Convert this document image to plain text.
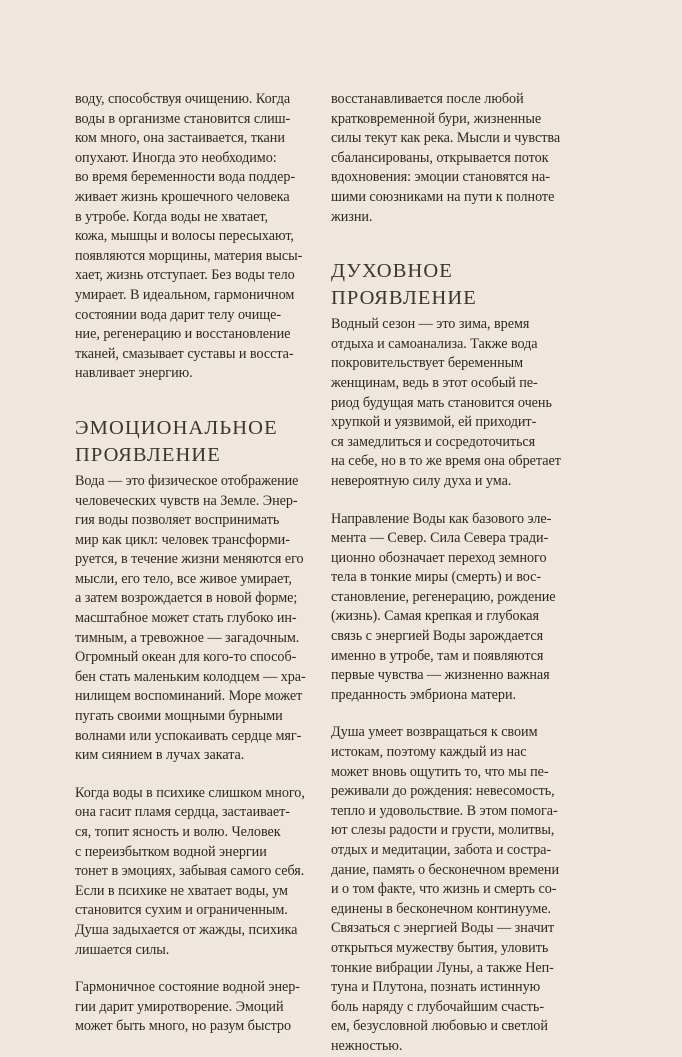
воду, способствуя очищению. Когда
воды в организме становится слиш-
ком много, она застаивается, ткани
опухают. Иногда это необходимо:
во время беременности вода поддер-
живает жизнь крошечного человека
в утробе. Когда воды не хватает,
кожа, мышцы и волосы пересыхают,
появляются морщины, материя высы-
хает, жизнь отступает. Без воды тело
умирает. В идеальном, гармоничном
состоянии вода дарит телу очище-
ние, регенерацию и восстановление
тканей, смазывает суставы и восста-
навливает энергию.
ЭМОЦИОНАЛЬНОЕ
ПРОЯВЛЕНИЕ
Вода — это физическое отображение
человеческих чувств на Земле. Энер-
гия воды позволяет воспринимать
мир как цикл: человек трансформи-
руется, в течение жизни меняются его
мысли, его тело, все живое умирает,
а затем возрождается в новой форме;
масштабное может стать глубоко ин-
тимным, а тревожное — загадочным.
Огромный океан для кого-то способ-
бен стать маленьким колодцем — хра-
нилищем воспоминаний. Море может
пугать своими мощными бурными
волнами или успокаивать сердце мяг-
ким сиянием в лучах заката.
Когда воды в психике слишком много,
она гасит пламя сердца, застаивает-
ся, топит ясность и волю. Человек
с переизбытком водной энергии
тонет в эмоциях, забывая самого себя.
Если в психике не хватает воды, ум
становится сухим и ограниченным.
Душа задыхается от жажды, психика
лишается силы.
Гармоничное состояние водной энер-
гии дарит умиротворение. Эмоций
может быть много, но разум быстро
восстанавливается после любой
кратковременной бури, жизненные
силы текут как река. Мысли и чувства
сбалансированы, открывается поток
вдохновения: эмоции становятся на-
шими союзниками на пути к полноте
жизни.
ДУХОВНОЕ
ПРОЯВЛЕНИЕ
Водный сезон — это зима, время
отдыха и самоанализа. Также вода
покровительствует беременным
женщинам, ведь в этот особый пе-
риод будущая мать становится очень
хрупкой и уязвимой, ей приходит-
ся замедлиться и сосредоточиться
на себе, но в то же время она обретает
невероятную силу духа и ума.
Направление Воды как базового эле-
мента — Север. Сила Севера тради-
ционно обозначает переход земного
тела в тонкие миры (смерть) и вос-
становление, регенерацию, рождение
(жизнь). Самая крепкая и глубокая
связь с энергией Воды зарождается
именно в утробе, там и появляются
первые чувства — жизненно важная
преданность эмбриона матери.
Душа умеет возвращаться к своим
истокам, поэтому каждый из нас
может вновь ощутить то, что мы пе-
реживали до рождения: невесомость,
тепло и удовольствие. В этом помога-
ют слезы радости и грусти, молитвы,
отдых и медитации, забота и состра-
дание, память о бесконечном времени
и о том факте, что жизнь и смерть со-
единены в бесконечном континууме.
Связаться с энергией Воды — значит
открыться мужеству бытия, уловить
тонкие вибрации Луны, а также Неп-
туна и Плутона, познать истинную
боль наряду с глубочайшим счасть-
ем, безусловной любовью и светлой
нежностью.
